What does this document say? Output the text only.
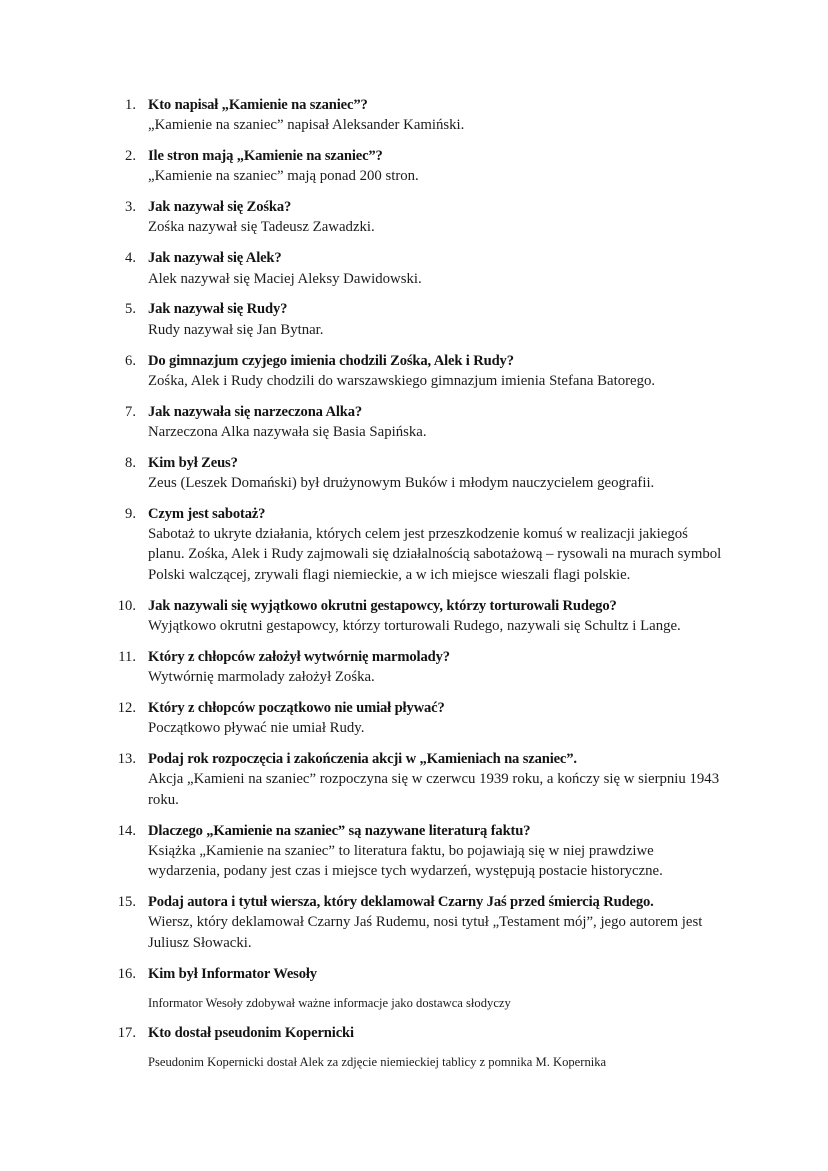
1. Kto napisał „Kamienie na szaniec”?

„Kamienie na szaniec” napisał Aleksander Kamiński.

2. Ile stron mają „Kamienie na szaniec”?

„Kamienie na szaniec” mają ponad 200 stron.

3. Jak nazywał się Zośka?

Zośka nazywał się Tadeusz Zawadzki.

4. Jak nazywał się Alek?

Alek nazywał się Maciej Aleksy Dawidowski.

5. Jak nazywał się Rudy?

Rudy nazywał się Jan Bytnar.

6. Do gimnazjum czyjego imienia chodzili Zośka, Alek i Rudy?

Zośka, Alek i Rudy chodzili do warszawskiego gimnazjum imienia Stefana Batorego.

7. Jak nazywała się narzeczona Alka?

Narzeczona Alka nazywała się Basia Sapińska.

8. Kim był Zeus?

Zeus (Leszek Domański) był drużynowym Buków i młodym nauczycielem geografii.

9. Czym jest sabotaż?

Sabotaż to ukryte działania, których celem jest przeszkodzenie komuś w realizacji jakiegoś planu. Zośka, Alek i Rudy zajmowali się działalnością sabotażową – rysowali na murach symbol Polski walczącej, zrywali flagi niemieckie, a w ich miejsce wieszali flagi polskie.

10. Jak nazywali się wyjątkowo okrutni gestapowcy, którzy torturowali Rudego?

Wyjątkowo okrutni gestapowcy, którzy torturowali Rudego, nazywali się Schultz i Lange.

11. Który z chłopców założył wytwórnię marmolady?

Wytwórnię marmolady założył Zośka.

12. Który z chłopców początkowo nie umiał pływać?

Początkowo pływać nie umiał Rudy.

13. Podaj rok rozpoczęcia i zakończenia akcji w „Kamieniach na szaniec”.

Akcja „Kamieni na szaniec” rozpoczyna się w czerwcu 1939 roku, a kończy się w sierpniu 1943 roku.

14. Dlaczego „Kamienie na szaniec” są nazywane literaturą faktu?

Książka „Kamienie na szaniec” to literatura faktu, bo pojawiają się w niej prawdziwe wydarzenia, podany jest czas i miejsce tych wydarzeń, występują postacie historyczne.

15. Podaj autora i tytuł wiersza, który deklamował Czarny Jaś przed śmiercią Rudego.

Wiersz, który deklamował Czarny Jaś Rudemu, nosi tytuł „Testament mój”, jego autorem jest Juliusz Słowacki.

16. Kim był Informator Wesoły

Informator Wesoły zdobywał ważne informacje jako dostawca słodyczy

17. Kto dostał pseudonim Kopernicki

Pseudonim Kopernicki dostał Alek za zdjęcie niemieckiej tablicy z pomnika M. Kopernika
